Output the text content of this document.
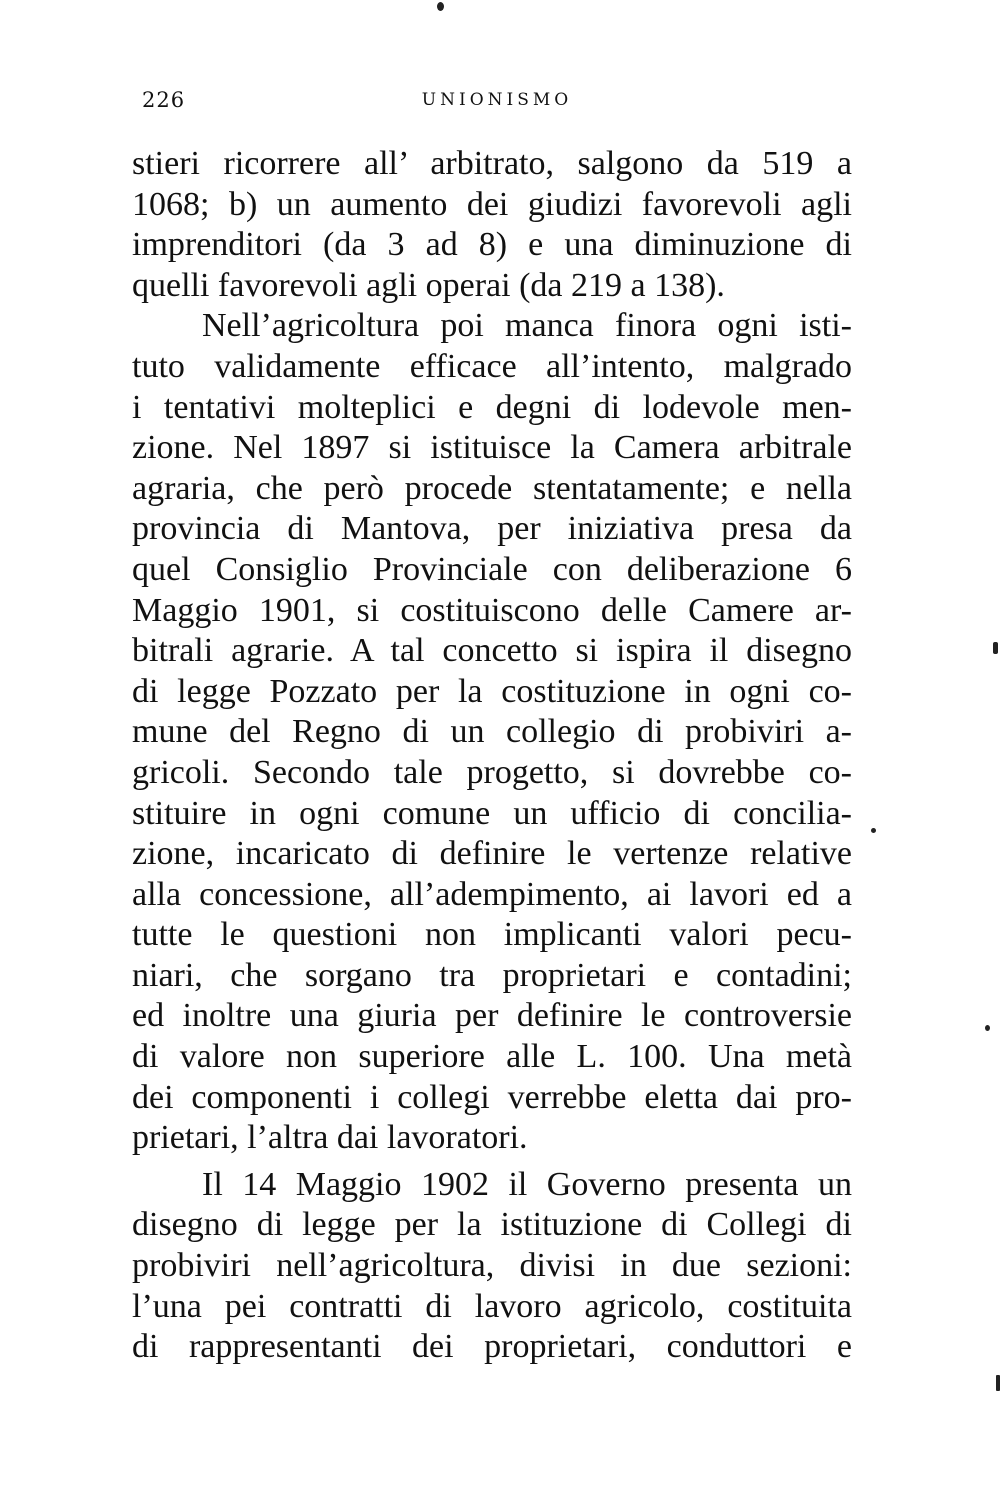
226	UNIONISMO
stieri ricorrere all’ arbitrato, salgono da 519 a
1068; b) un aumento dei giudizi favorevoli agli
imprenditori (da 3 ad 8) e una diminuzione di
quelli favorevoli agli operai (da 219 a 138).
Nell’agricoltura poi manca finora ogni isti-
tuto validamente efficace all’intento, malgrado
i tentativi molteplici e degni di lodevole men-
zione. Nel 1897 si istituisce la Camera arbitrale
agraria, che però procede stentatamente; e nella
provincia di Mantova, per iniziativa presa da
quel Consiglio Provinciale con deliberazione 6
Maggio 1901, si costituiscono delle Camere ar-
bitrali agrarie. A tal concetto si ispira il disegno
di legge Pozzato per la costituzione in ogni co-
mune del Regno di un collegio di probiviri a-
gricoli. Secondo tale progetto, si dovrebbe co-
stituire in ogni comune un ufficio di concilia-
zione, incaricato di definire le vertenze relative
alla concessione, all’adempimento, ai lavori ed a
tutte le questioni non implicanti valori pecu-
niari, che sorgano tra proprietari e contadini;
ed inoltre una giuria per definire le controversie
di valore non superiore alle L. 100. Una metà
dei componenti i collegi verrebbe eletta dai pro-
prietari, l’altra dai lavoratori.
Il 14 Maggio 1902 il Governo presenta un
disegno di legge per la istituzione di Collegi di
probiviri nell’agricoltura, divisi in due sezioni:
l’una pei contratti di lavoro agricolo, costituita
di rappresentanti dei proprietari, conduttori e
